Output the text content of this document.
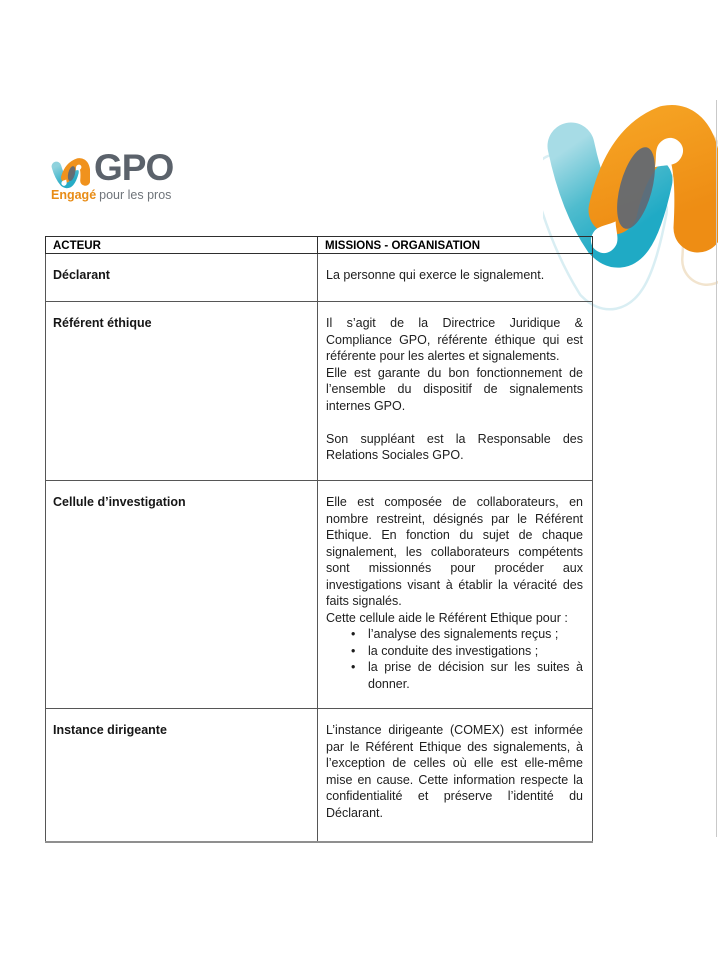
GPO
Engagé pour les pros
ACTEUR	MISSIONS - ORGANISATION

Déclarant	La personne qui exerce le signalement.

Référent éthique	Il s’agit de la Directrice Juridique & Compliance GPO, référente éthique qui est référente pour les alertes et signalements.
Elle est garante du bon fonctionnement de l’ensemble du dispositif de signalements internes GPO.
Son suppléant est la Responsable des Relations Sociales GPO.

Cellule d’investigation	Elle est composée de collaborateurs, en nombre restreint, désignés par le Référent Ethique. En fonction du sujet de chaque signalement, les collaborateurs compétents sont missionnés pour procéder aux investigations visant à établir la véracité des faits signalés.
Cette cellule aide le Référent Ethique pour :
•	l’analyse des signalements reçus ;
•	la conduite des investigations ;
•	la prise de décision sur les suites à donner.

Instance dirigeante	L’instance dirigeante (COMEX) est informée par le Référent Ethique des signalements, à l’exception de celles où elle est elle-même mise en cause. Cette information respecte la confidentialité et préserve l’identité du Déclarant.
